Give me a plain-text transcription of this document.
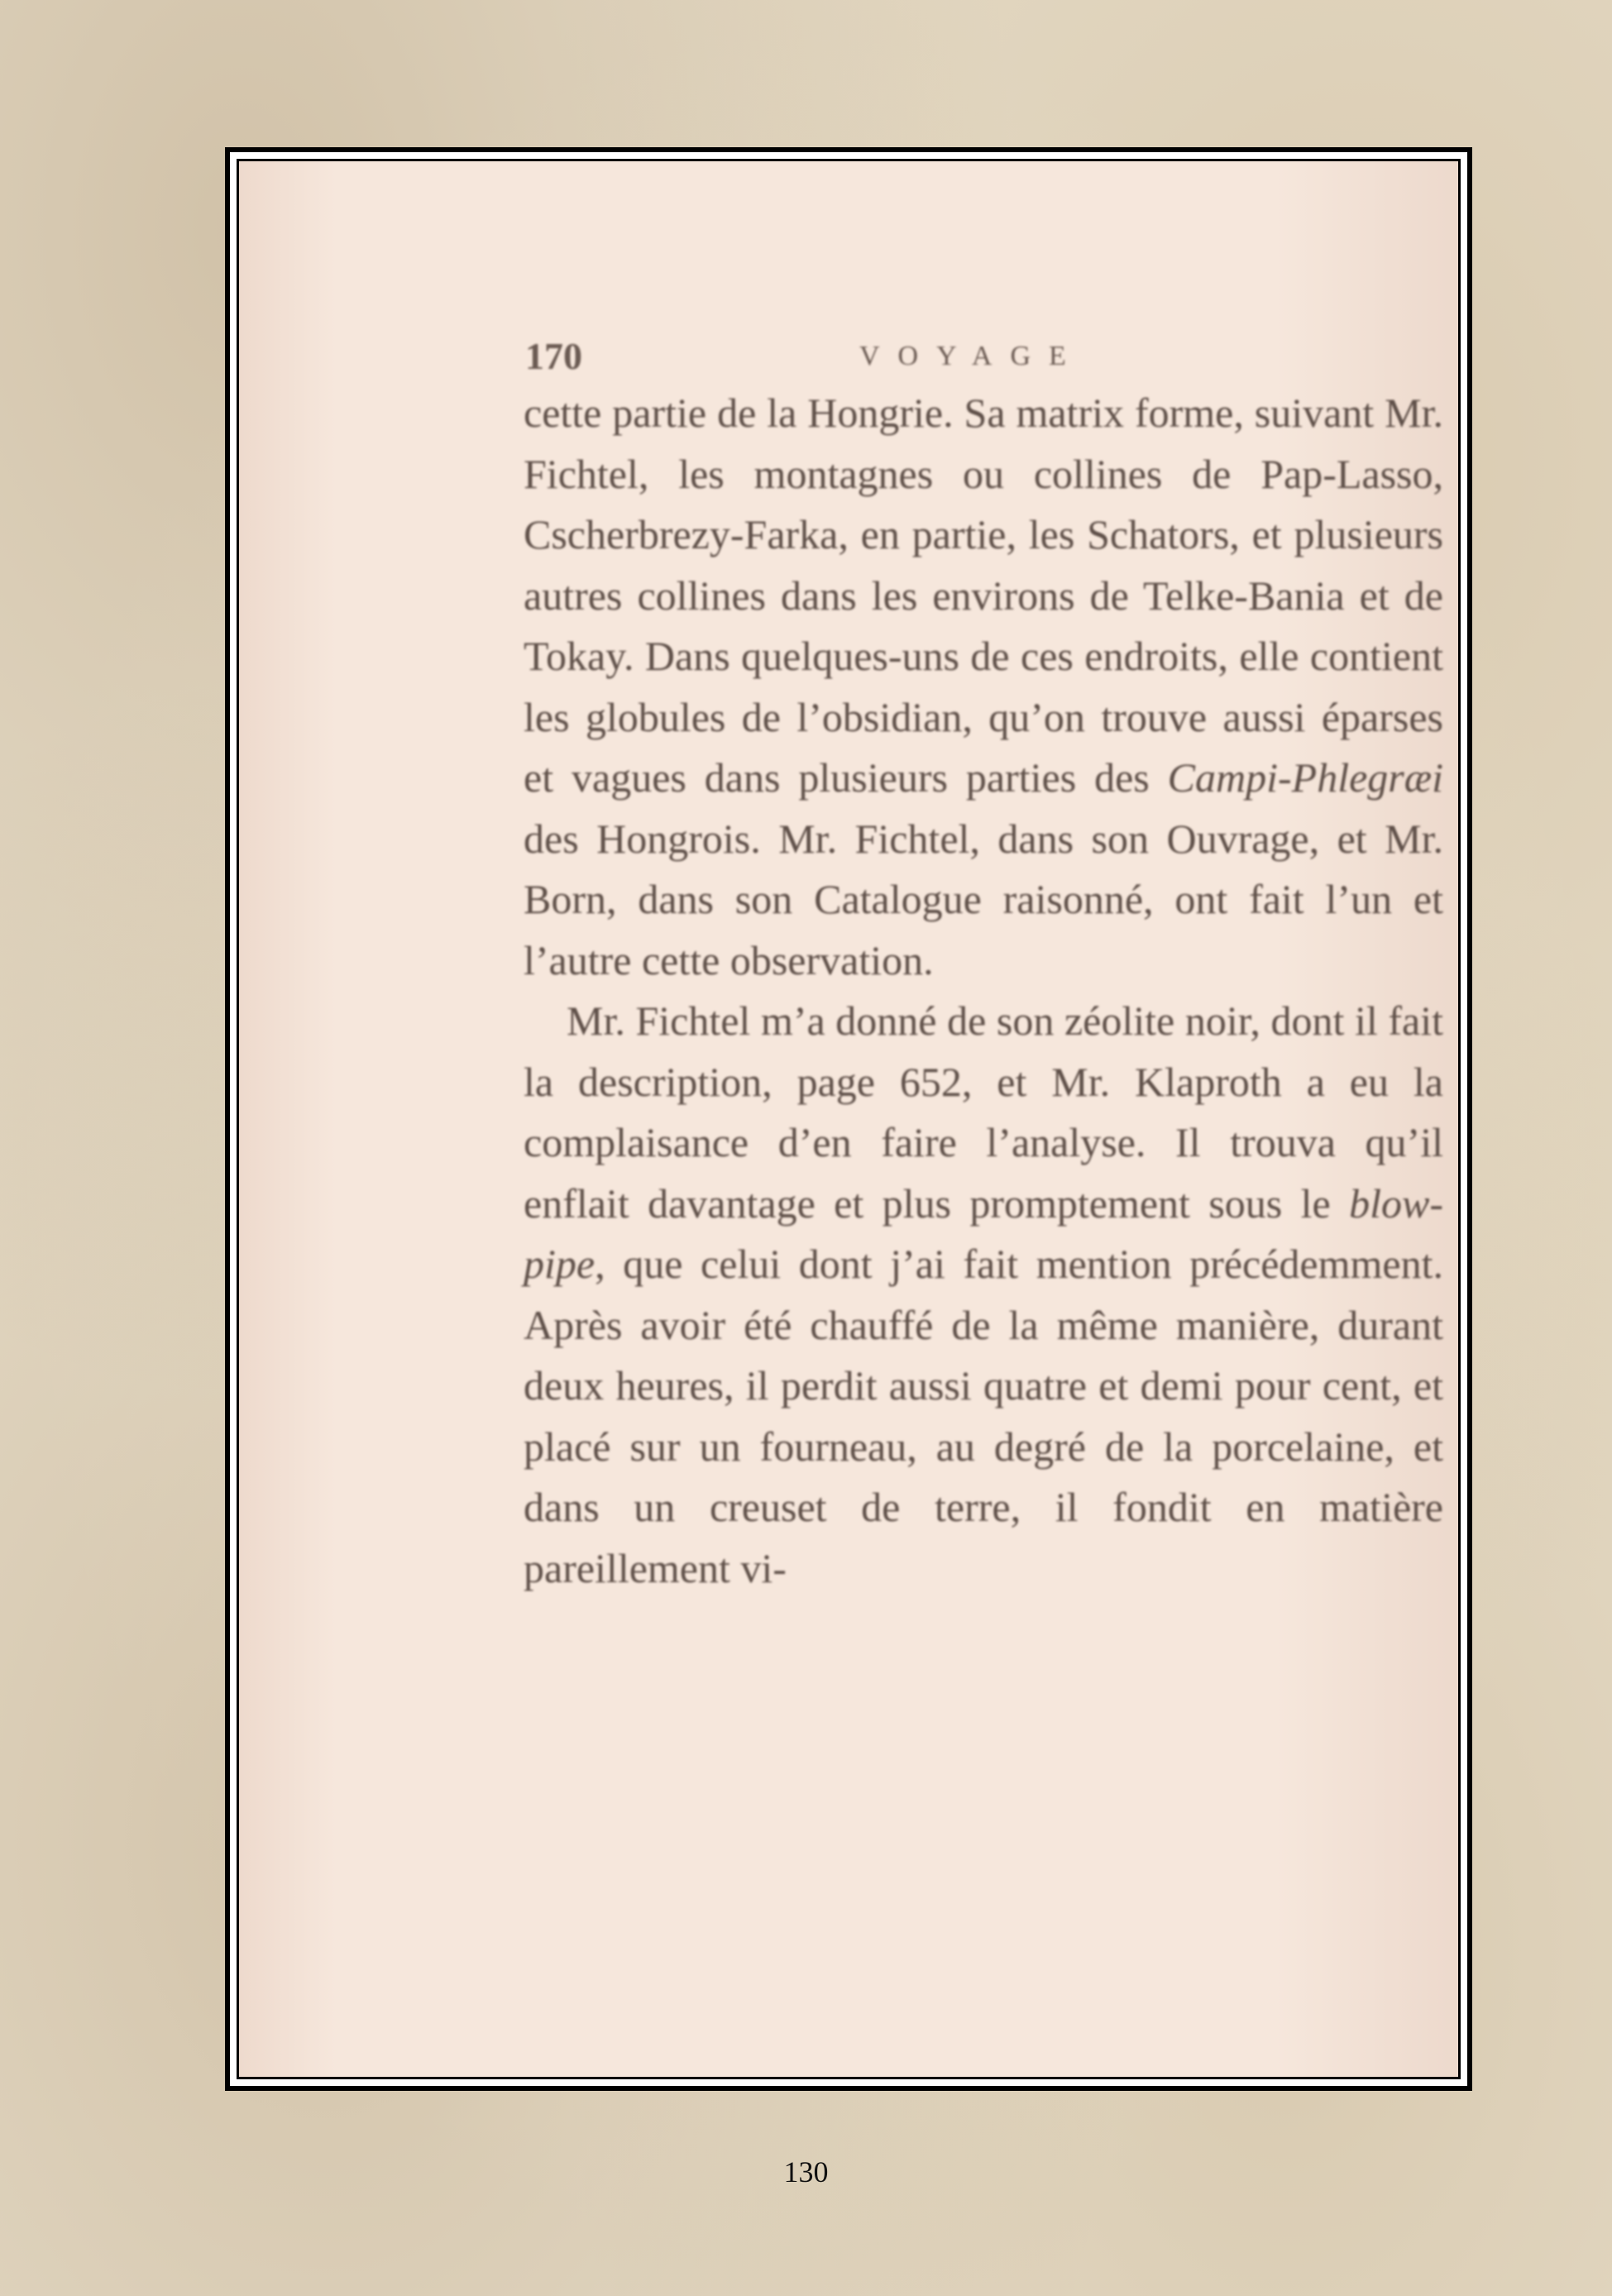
170	VOYAGE

cette partie de la Hongrie. Sa matrix forme, suivant Mr. Fichtel, les montagnes ou collines de Pap-Lasso, Cscherbrezy-Farka, en partie, les Schators, et plusieurs autres collines dans les environs de Telke-Bania et de Tokay. Dans quelques-uns de ces endroits, elle contient les globules de l’obsidian, qu’on trouve aussi éparses et vagues dans plusieurs parties des Campi-Phlegræi des Hongrois. Mr. Fichtel, dans son Ouvrage, et Mr. Born, dans son Catalogue raisonné, ont fait l’un et l’autre cette observation.

Mr. Fichtel m’a donné de son zéolite noir, dont il fait la description, page 652, et Mr. Klaproth a eu la complaisance d’en faire l’analyse. Il trouva qu’il enflait davantage et plus promptement sous le blow-pipe, que celui dont j’ai fait mention précédemment. Après avoir été chauffé de la même manière, durant deux heures, il perdit aussi quatre et demi pour cent, et placé sur un fourneau, au degré de la porcelaine, et dans un creuset de terre, il fondit en matière pareillement vi-

130
